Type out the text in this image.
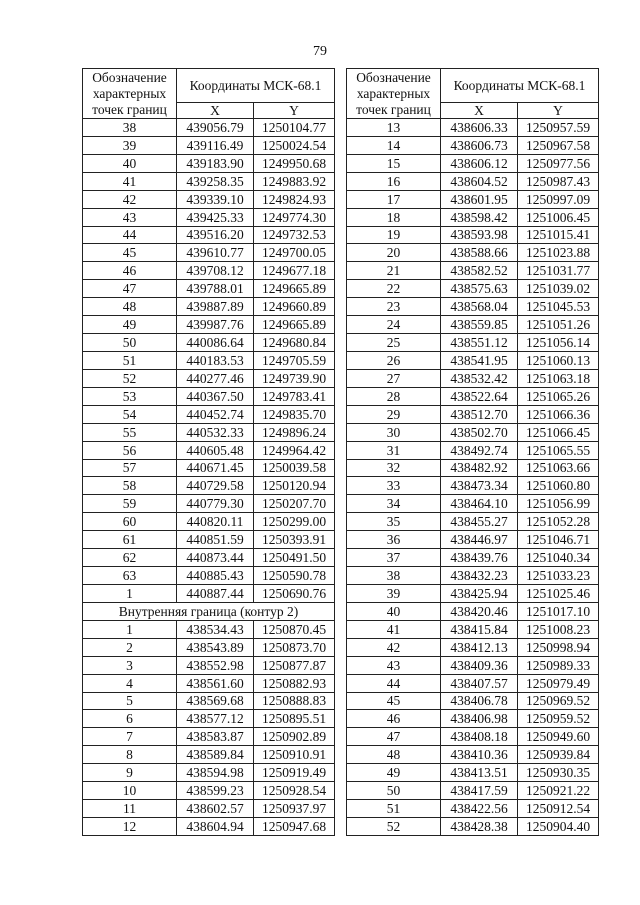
79
Обозначение характерных точек границ	Координаты МСК-68.1	
	X	Y
38	439056.79	1250104.77
39	439116.49	1250024.54
40	439183.90	1249950.68
41	439258.35	1249883.92
42	439339.10	1249824.93
43	439425.33	1249774.30
44	439516.20	1249732.53
45	439610.77	1249700.05
46	439708.12	1249677.18
47	439788.01	1249665.89
48	439887.89	1249660.89
49	439987.76	1249665.89
50	440086.64	1249680.84
51	440183.53	1249705.59
52	440277.46	1249739.90
53	440367.50	1249783.41
54	440452.74	1249835.70
55	440532.33	1249896.24
56	440605.48	1249964.42
57	440671.45	1250039.58
58	440729.58	1250120.94
59	440779.30	1250207.70
60	440820.11	1250299.00
61	440851.59	1250393.91
62	440873.44	1250491.50
63	440885.43	1250590.78
1	440887.44	1250690.76
Внутренняя граница (контур 2)		
1	438534.43	1250870.45
2	438543.89	1250873.70
3	438552.98	1250877.87
4	438561.60	1250882.93
5	438569.68	1250888.83
6	438577.12	1250895.51
7	438583.87	1250902.89
8	438589.84	1250910.91
9	438594.98	1250919.49
10	438599.23	1250928.54
11	438602.57	1250937.97
12	438604.94	1250947.68
Обозначение характерных точек границ	Координаты МСК-68.1	
	X	Y
13	438606.33	1250957.59
14	438606.73	1250967.58
15	438606.12	1250977.56
16	438604.52	1250987.43
17	438601.95	1250997.09
18	438598.42	1251006.45
19	438593.98	1251015.41
20	438588.66	1251023.88
21	438582.52	1251031.77
22	438575.63	1251039.02
23	438568.04	1251045.53
24	438559.85	1251051.26
25	438551.12	1251056.14
26	438541.95	1251060.13
27	438532.42	1251063.18
28	438522.64	1251065.26
29	438512.70	1251066.36
30	438502.70	1251066.45
31	438492.74	1251065.55
32	438482.92	1251063.66
33	438473.34	1251060.80
34	438464.10	1251056.99
35	438455.27	1251052.28
36	438446.97	1251046.71
37	438439.76	1251040.34
38	438432.23	1251033.23
39	438425.94	1251025.46
40	438420.46	1251017.10
41	438415.84	1251008.23
42	438412.13	1250998.94
43	438409.36	1250989.33
44	438407.57	1250979.49
45	438406.78	1250969.52
46	438406.98	1250959.52
47	438408.18	1250949.60
48	438410.36	1250939.84
49	438413.51	1250930.35
50	438417.59	1250921.22
51	438422.56	1250912.54
52	438428.38	1250904.40
